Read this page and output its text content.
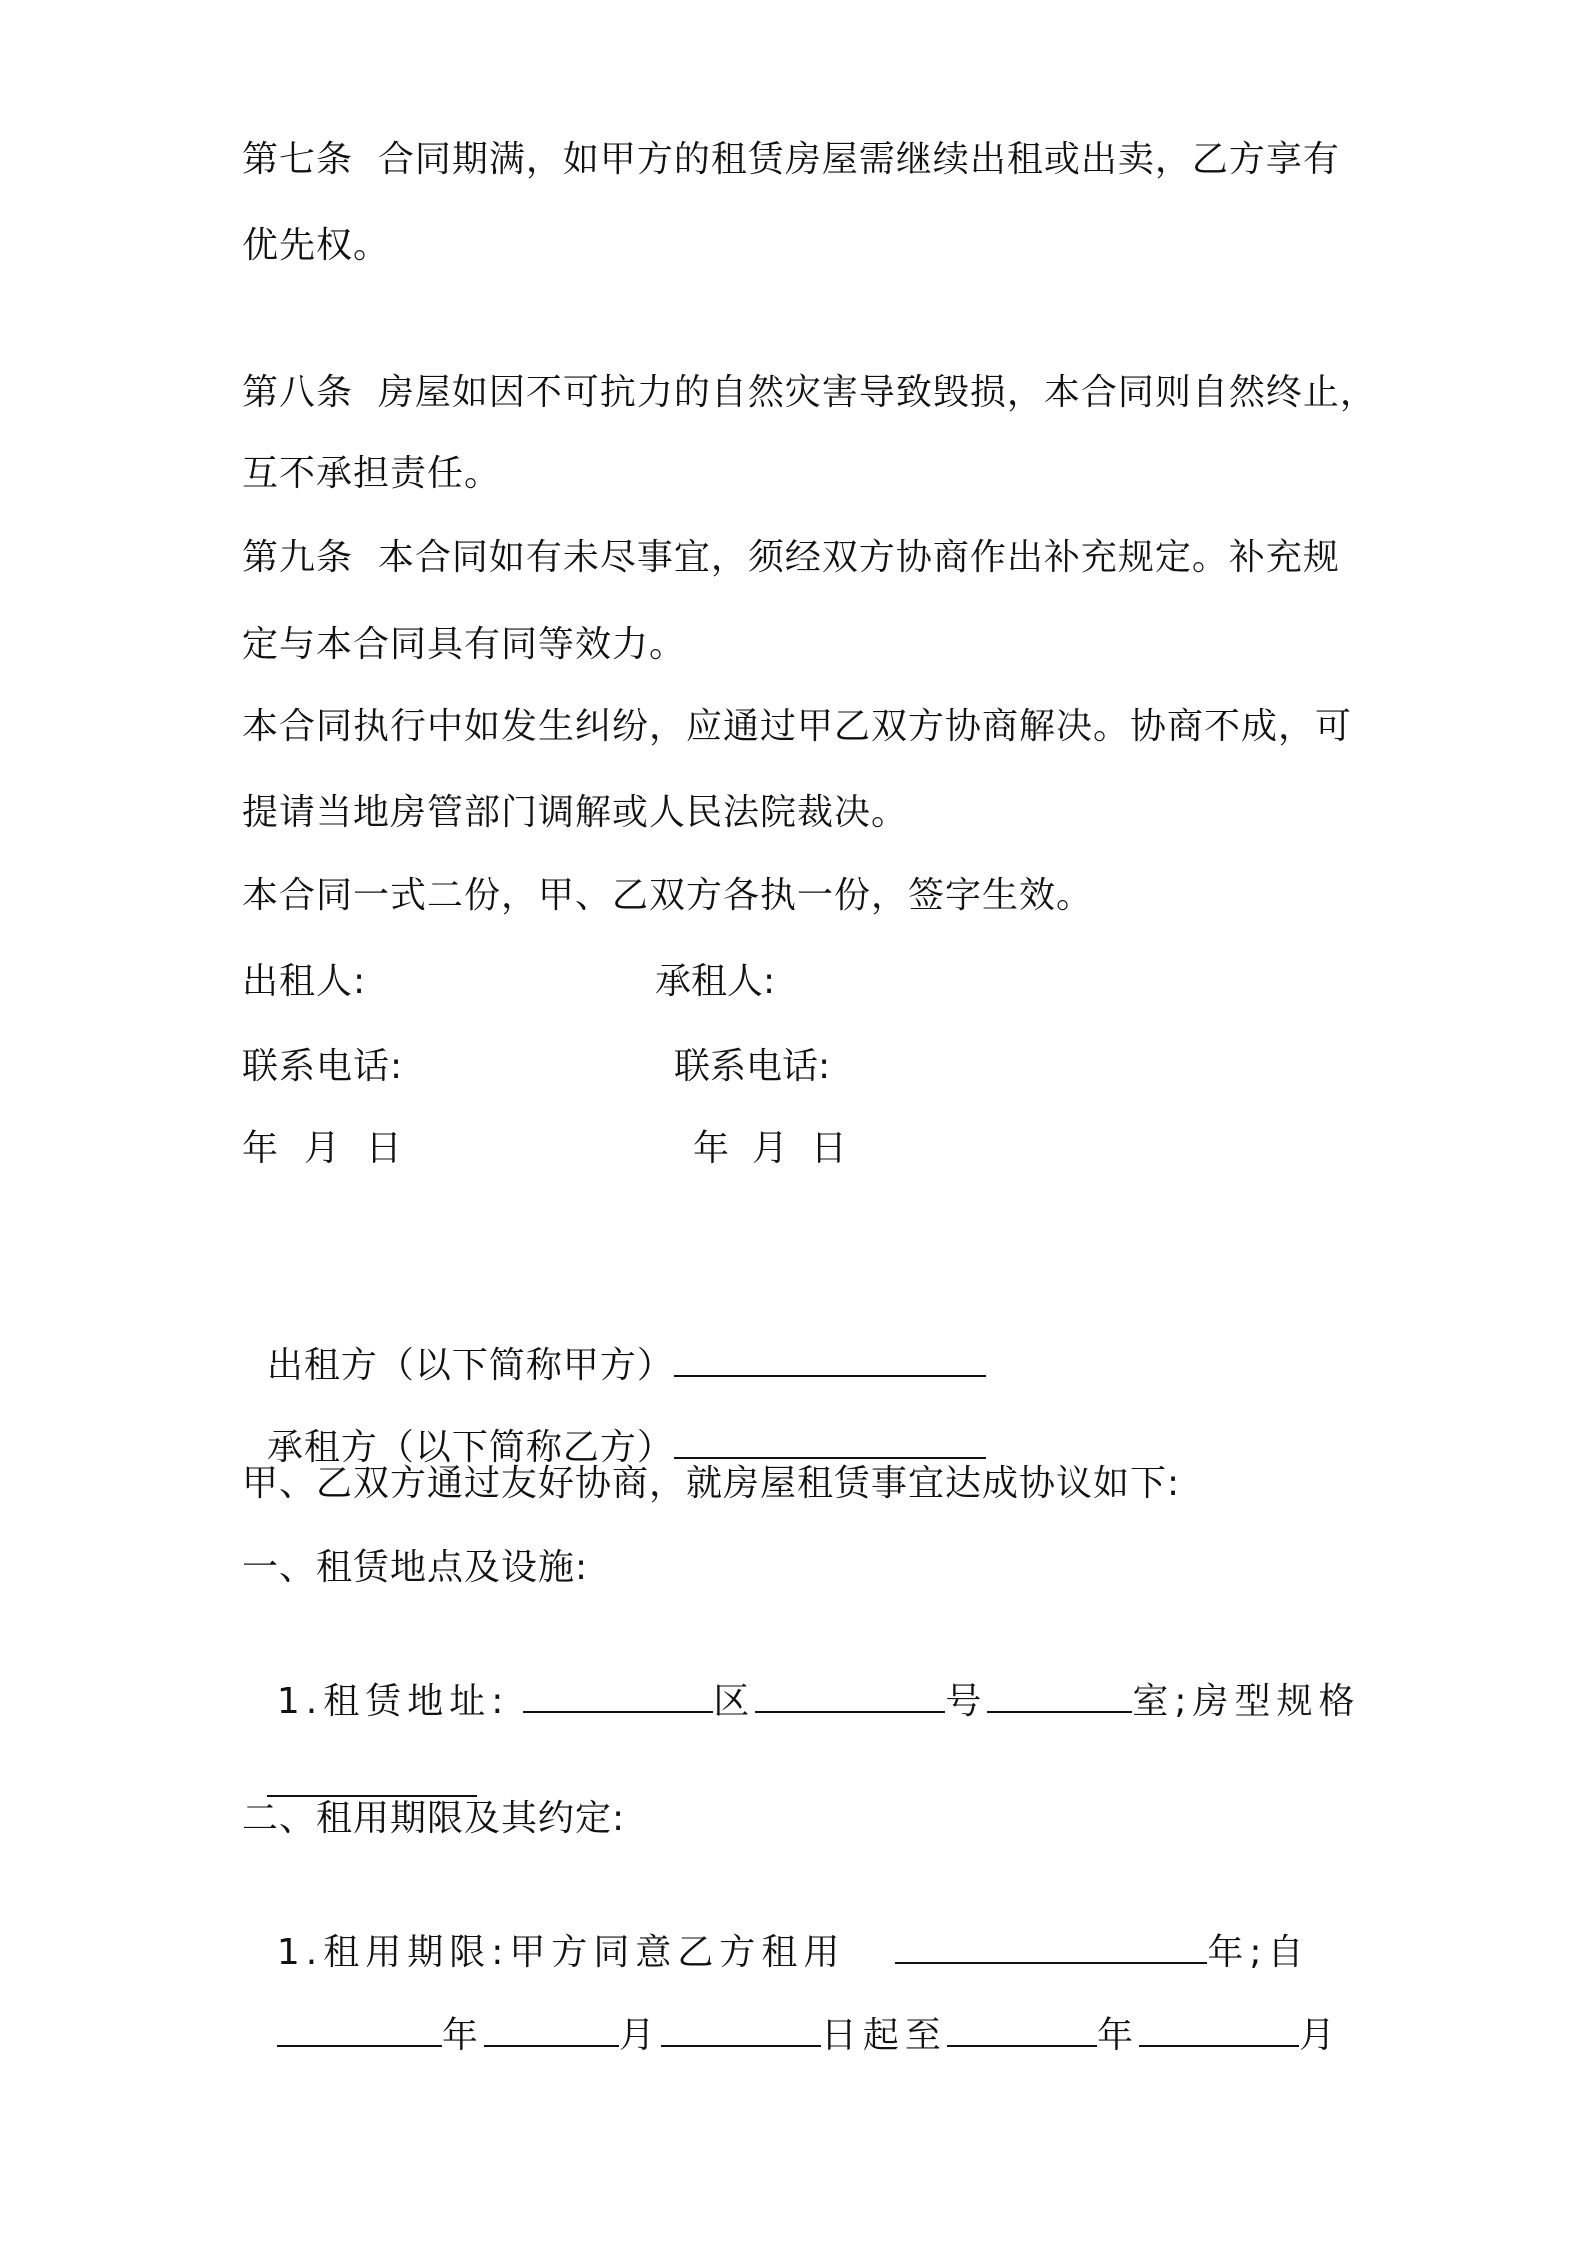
第七条  合同期满，如甲方的租赁房屋需继续出租或出卖，乙方享有
优先权。
第八条  房屋如因不可抗力的自然灾害导致毁损，本合同则自然终止，
互不承担责任。
第九条  本合同如有未尽事宜，须经双方协商作出补充规定。补充规
定与本合同具有同等效力。
本合同执行中如发生纠纷，应通过甲乙双方协商解决。协商不成，可
提请当地房管部门调解或人民法院裁决。
本合同一式二份，甲、乙双方各执一份，签字生效。
出租人:	承租人:
联系电话:	联系电话:
年  月  日	年  月  日

出租方（以下简称甲方）

承租方（以下简称乙方）

甲、乙双方通过友好协商，就房屋租赁事宜达成协议如下:
一、租赁地点及设施:

1.租赁地址:	区	号	室;房型规格

二、租用期限及其约定:

1.租用期限:甲方同意乙方租用	年;自

年	月	日起至	年	月
